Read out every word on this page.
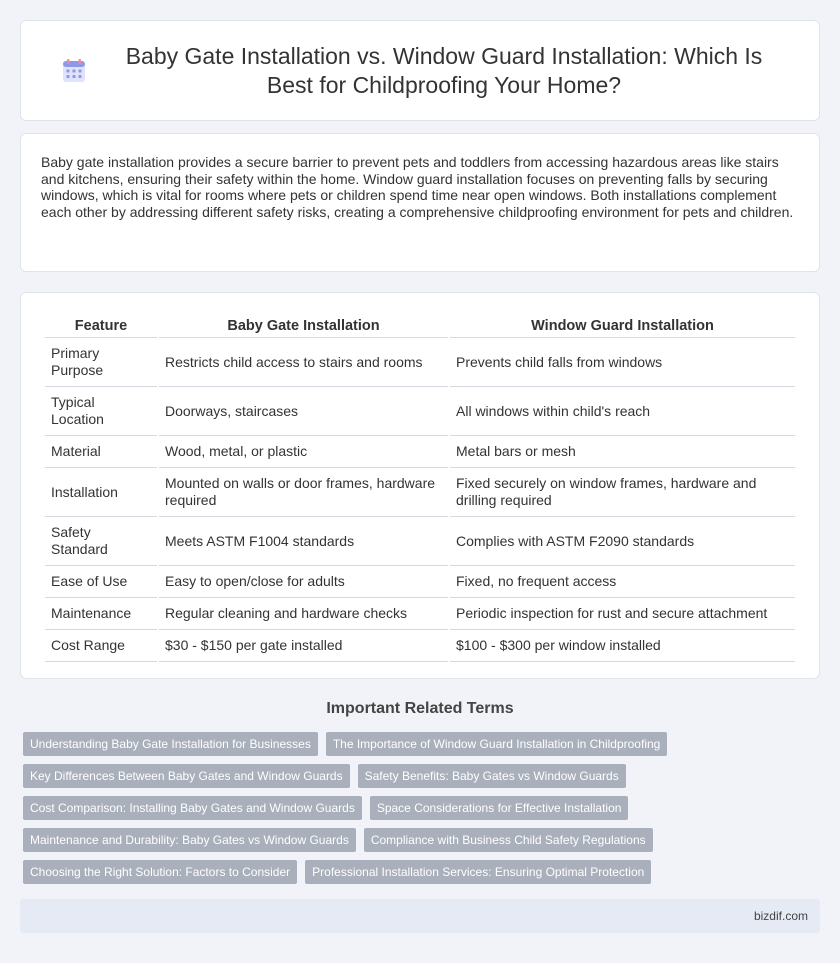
Baby Gate Installation vs. Window Guard Installation: Which Is Best for Childproofing Your Home?

Baby gate installation provides a secure barrier to prevent pets and toddlers from accessing hazardous areas like stairs and kitchens, ensuring their safety within the home. Window guard installation focuses on preventing falls by securing windows, which is vital for rooms where pets or children spend time near open windows. Both installations complement each other by addressing different safety risks, creating a comprehensive childproofing environment for pets and children.

Feature	Baby Gate Installation	Window Guard Installation
Primary Purpose	Restricts child access to stairs and rooms	Prevents child falls from windows
Typical Location	Doorways, staircases	All windows within child's reach
Material	Wood, metal, or plastic	Metal bars or mesh
Installation	Mounted on walls or door frames, hardware required	Fixed securely on window frames, hardware and drilling required
Safety Standard	Meets ASTM F1004 standards	Complies with ASTM F2090 standards
Ease of Use	Easy to open/close for adults	Fixed, no frequent access
Maintenance	Regular cleaning and hardware checks	Periodic inspection for rust and secure attachment
Cost Range	$30 - $150 per gate installed	$100 - $300 per window installed
Important Related Terms
Understanding Baby Gate Installation for Businesses	The Importance of Window Guard Installation in Childproofing
Key Differences Between Baby Gates and Window Guards	Safety Benefits: Baby Gates vs Window Guards
Cost Comparison: Installing Baby Gates and Window Guards	Space Considerations for Effective Installation
Maintenance and Durability: Baby Gates vs Window Guards	Compliance with Business Child Safety Regulations
Choosing the Right Solution: Factors to Consider	Professional Installation Services: Ensuring Optimal Protection
bizdif.com
